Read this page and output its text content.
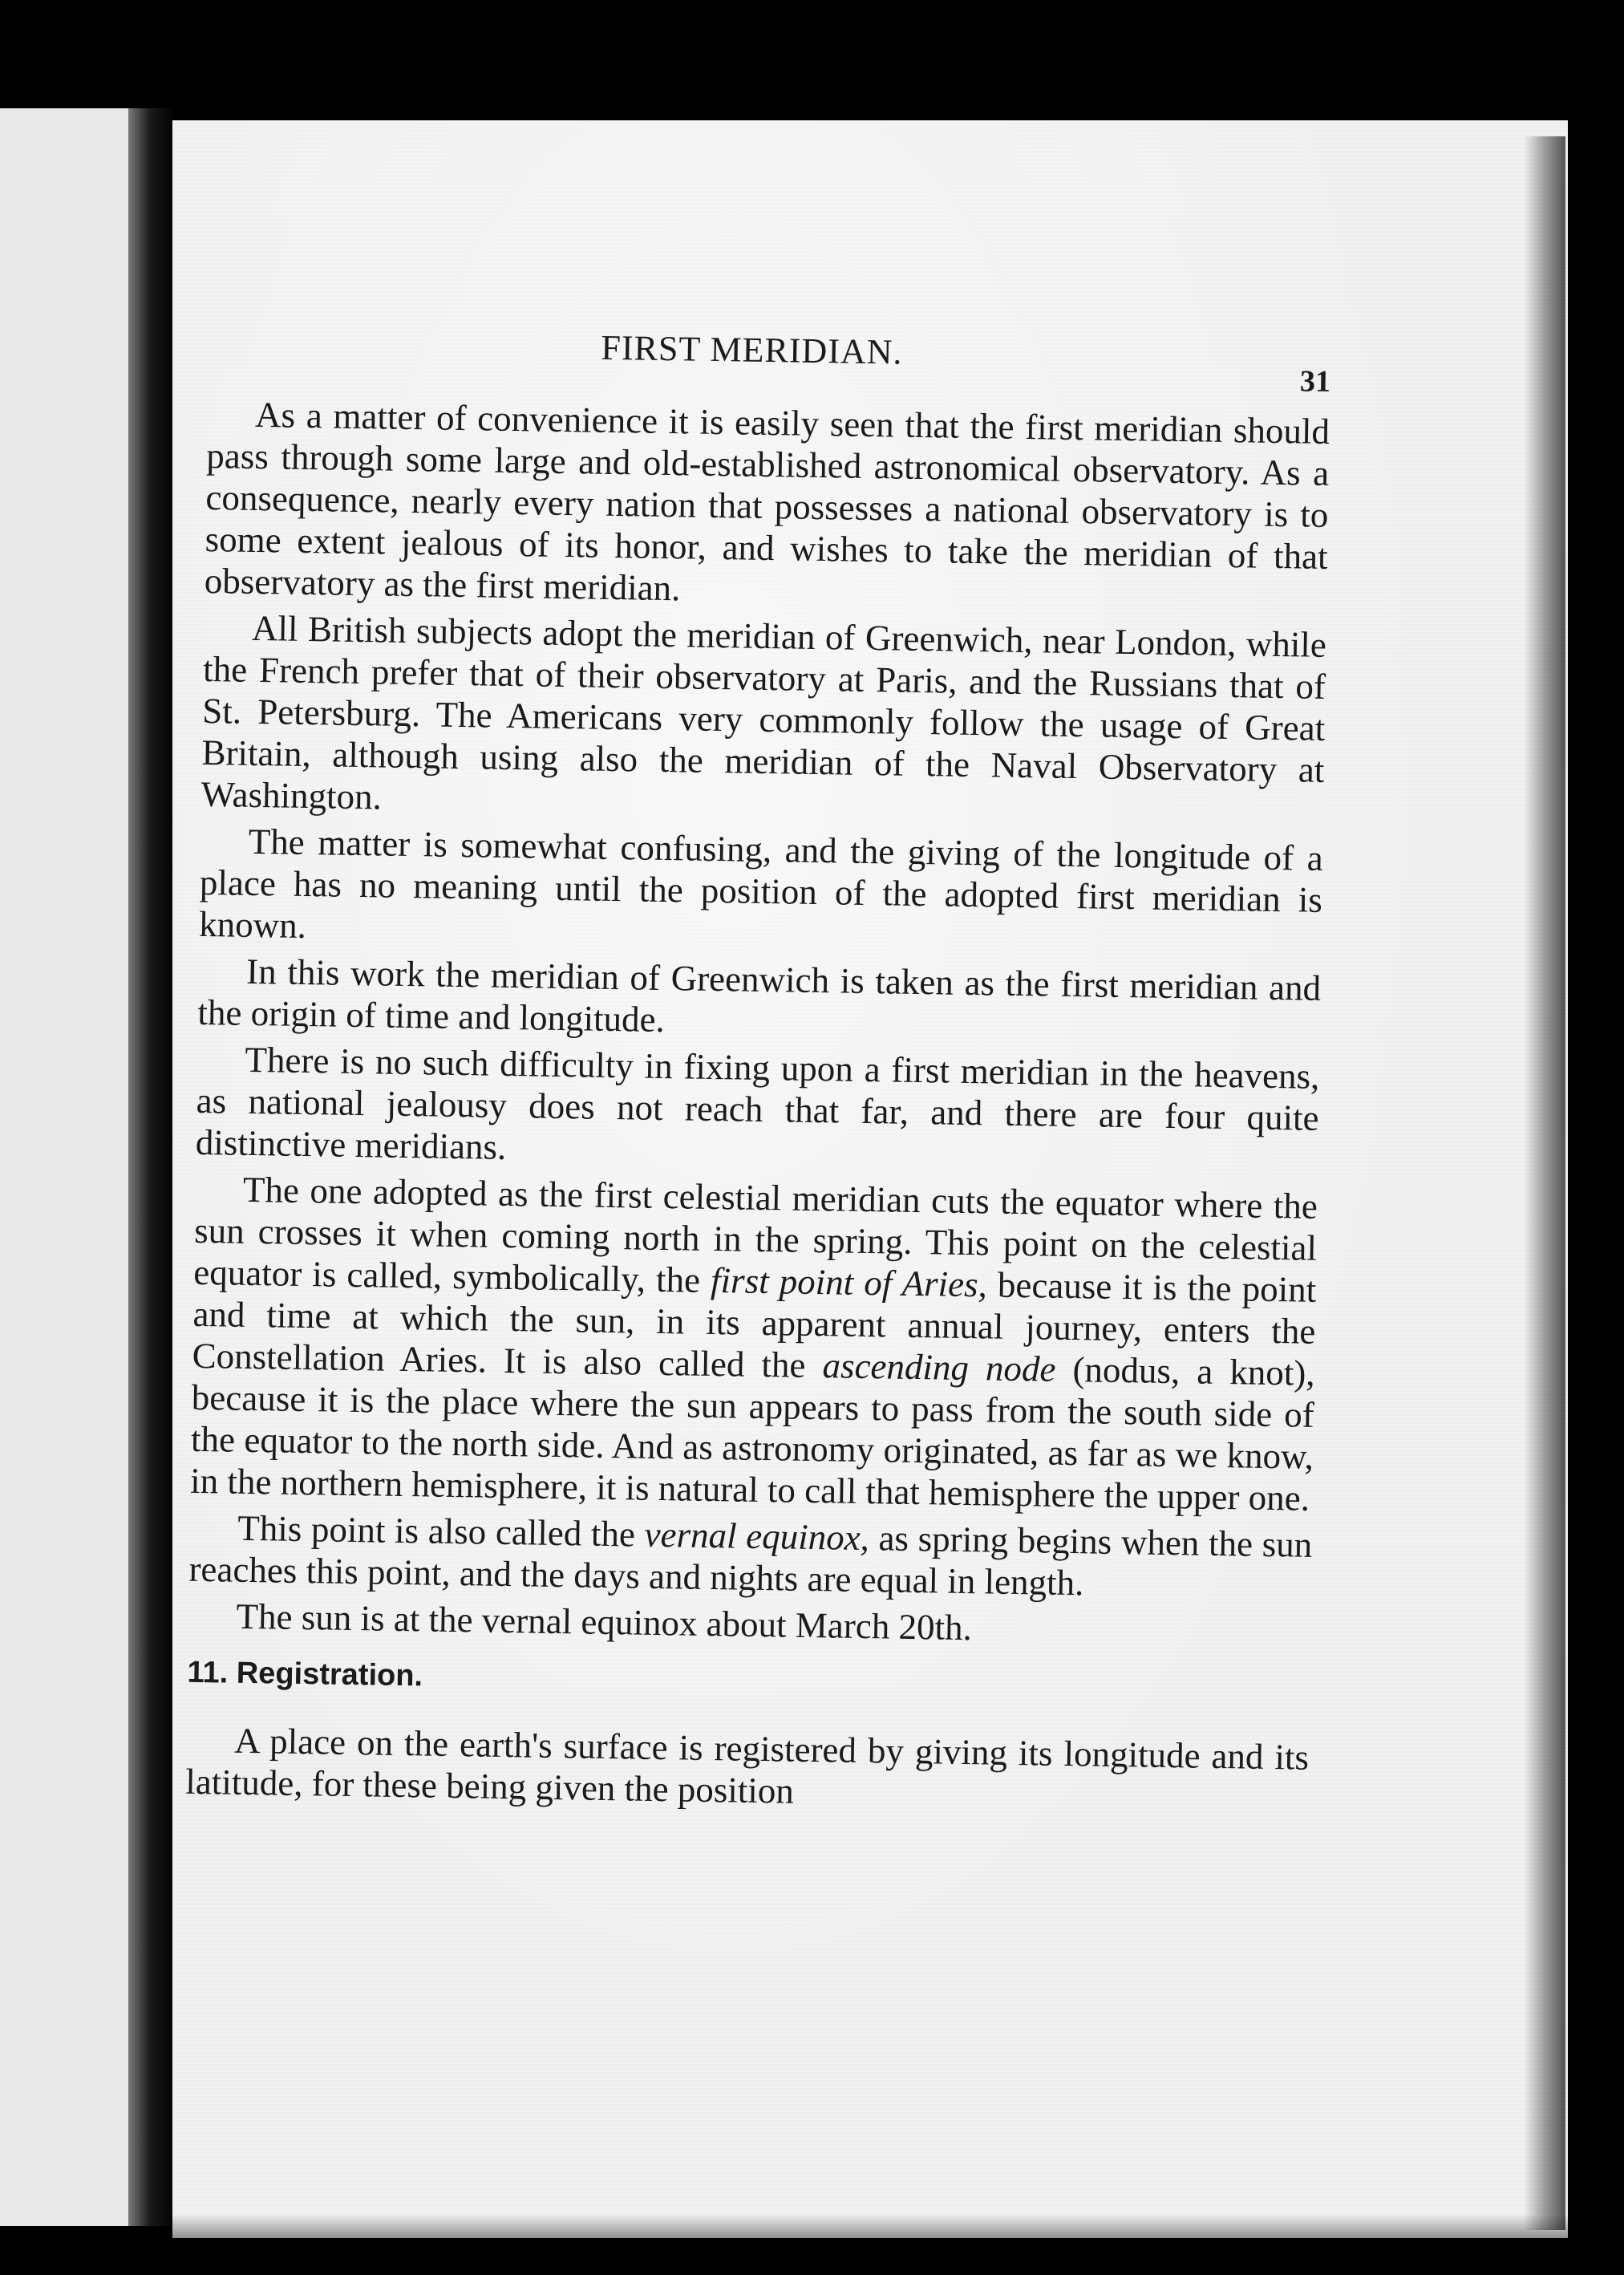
FIRST MERIDIAN.
31

As a matter of convenience it is easily seen that the first meridian should pass through some large and old-established astronomical observatory. As a consequence, nearly every nation that possesses a national observatory is to some extent jealous of its honor, and wishes to take the meridian of that observatory as the first meridian.

All British subjects adopt the meridian of Greenwich, near London, while the French prefer that of their observatory at Paris, and the Russians that of St. Petersburg. The Americans very commonly follow the usage of Great Britain, although using also the meridian of the Naval Observatory at Washington.

The matter is somewhat confusing, and the giving of the longitude of a place has no meaning until the position of the adopted first meridian is known.

In this work the meridian of Greenwich is taken as the first meridian and the origin of time and longitude.

There is no such difficulty in fixing upon a first meridian in the heavens, as national jealousy does not reach that far, and there are four quite distinctive meridians.

The one adopted as the first celestial meridian cuts the equator where the sun crosses it when coming north in the spring. This point on the celestial equator is called, symbolically, the first point of Aries, because it is the point and time at which the sun, in its apparent annual journey, enters the Constellation Aries. It is also called the ascending node (nodus, a knot), because it is the place where the sun appears to pass from the south side of the equator to the north side. And as astronomy originated, as far as we know, in the northern hemisphere, it is natural to call that hemisphere the upper one.

This point is also called the vernal equinox, as spring begins when the sun reaches this point, and the days and nights are equal in length.

The sun is at the vernal equinox about March 20th.

11. Registration.

A place on the earth's surface is registered by giving its longitude and its latitude, for these being given the position
